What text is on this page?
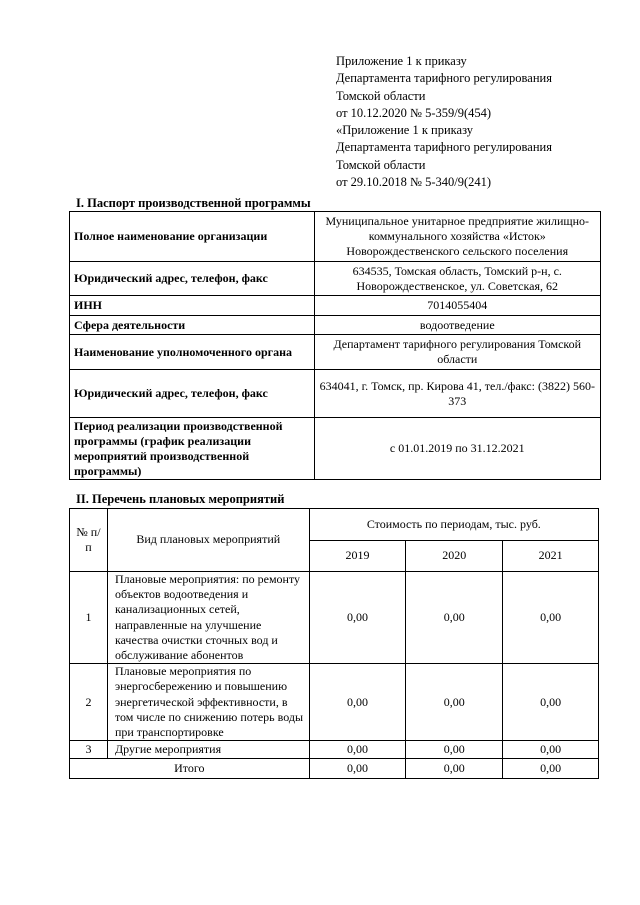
Приложение 1 к приказу
Департамента тарифного регулирования
Томской области
от 10.12.2020 № 5-359/9(454)
«Приложение 1 к приказу
Департамента тарифного регулирования
Томской области
от 29.10.2018 № 5-340/9(241)
I. Паспорт производственной программы
Полное наименование организации	Муниципальное унитарное предприятие жилищно-коммунального хозяйства «Исток» Новорождественского сельского поселения
Юридический адрес, телефон, факс	634535, Томская область, Томский р-н, с. Новорождественское, ул. Советская, 62
ИНН	7014055404
Сфера деятельности	водоотведение
Наименование уполномоченного органа	Департамент тарифного регулирования Томской области
Юридический адрес, телефон, факс	634041, г. Томск, пр. Кирова 41, тел./факс: (3822) 560-373
Период реализации производственной программы (график реализации мероприятий производственной программы)	с 01.01.2019 по 31.12.2021
II. Перечень плановых мероприятий
№ п/п	Вид плановых мероприятий	Стоимость по периодам, тыс. руб.		
		2019	2020	2021
1	Плановые мероприятия: по ремонту объектов водоотведения и канализационных сетей, направленные на улучшение качества очистки сточных вод и обслуживание абонентов	0,00	0,00	0,00
2	Плановые мероприятия по энергосбережению и повышению энергетической эффективности, в том числе по снижению потерь воды при транспортировке	0,00	0,00	0,00
3	Другие мероприятия	0,00	0,00	0,00
Итого		0,00	0,00	0,00
